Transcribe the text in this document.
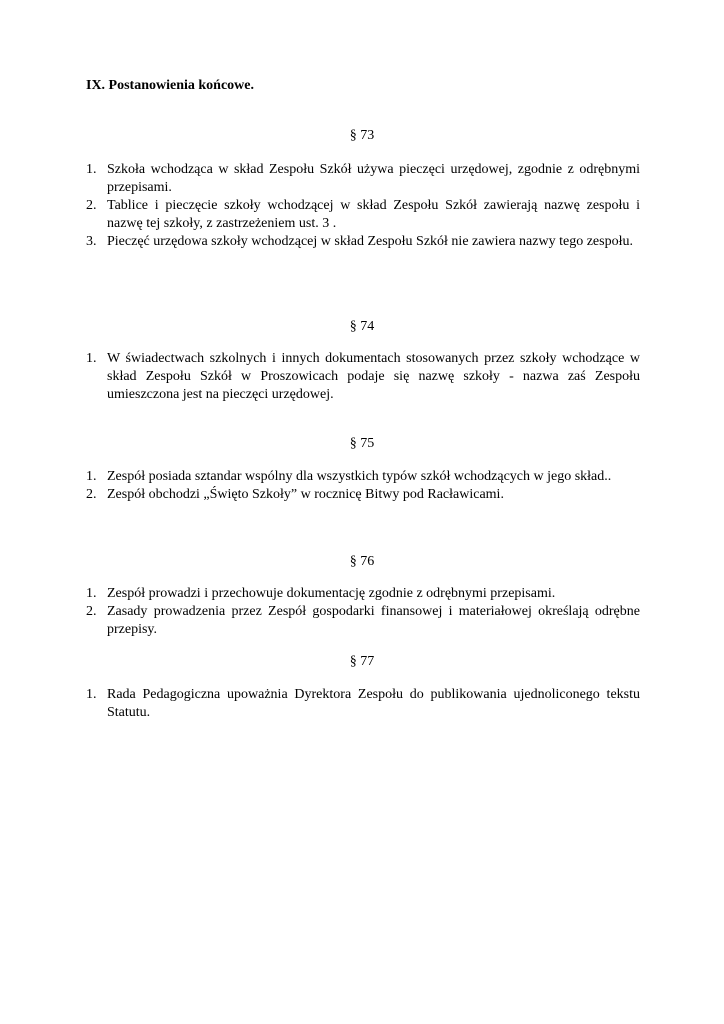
IX. Postanowienia końcowe.
§ 73
1. Szkoła wchodząca w skład Zespołu Szkół używa pieczęci urzędowej, zgodnie z odrębnymi przepisami.
2. Tablice i pieczęcie szkoły wchodzącej w skład Zespołu Szkół zawierają nazwę zespołu i nazwę tej szkoły, z zastrzeżeniem ust. 3 .
3. Pieczęć urzędowa szkoły wchodzącej w skład Zespołu Szkół nie zawiera nazwy tego zespołu.
§ 74
1. W świadectwach szkolnych i innych dokumentach stosowanych przez szkoły wchodzące w skład Zespołu Szkół w Proszowicach podaje się nazwę szkoły - nazwa zaś Zespołu umieszczona jest na pieczęci urzędowej.
§ 75
1. Zespół posiada sztandar wspólny dla wszystkich typów szkół wchodzących w jego skład..
2. Zespół obchodzi „Święto Szkoły” w rocznicę Bitwy pod Racławicami.
§ 76
1. Zespół prowadzi i przechowuje dokumentację zgodnie z odrębnymi przepisami.
2. Zasady prowadzenia przez Zespół gospodarki finansowej i materiałowej określają odrębne przepisy.
§ 77
1. Rada Pedagogiczna upoważnia Dyrektora Zespołu do publikowania ujednoliconego tekstu Statutu.
